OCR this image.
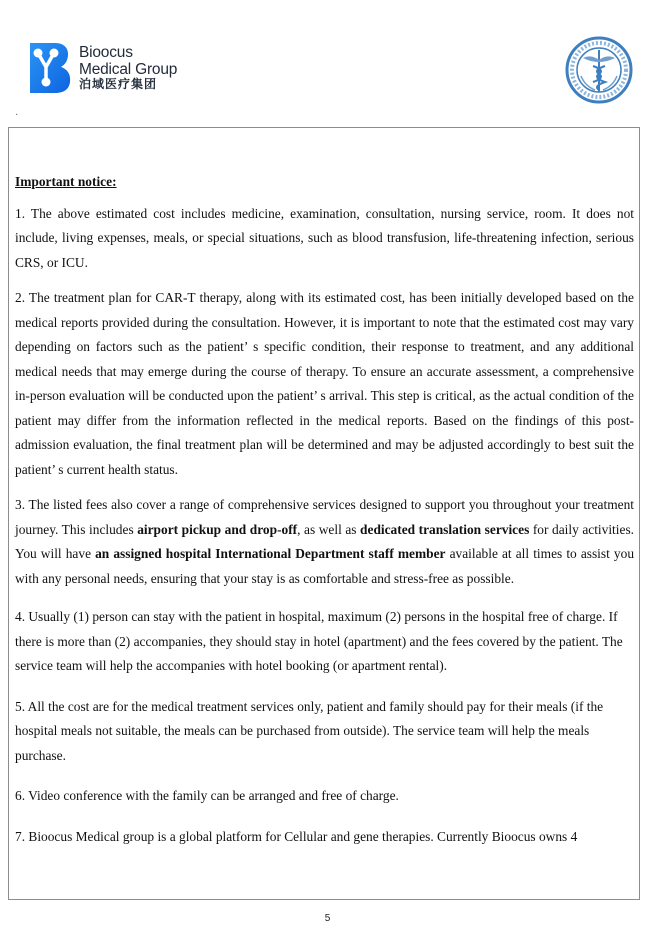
Bioocus
Medical Group
泊域医疗集团
·

Important notice:

1. The above estimated cost includes medicine, examination, consultation, nursing service, room. It does not include, living expenses, meals, or special situations, such as blood transfusion, life-threatening infection, serious CRS, or ICU.

2. The treatment plan for CAR-T therapy, along with its estimated cost, has been initially developed based on the medical reports provided during the consultation. However, it is important to note that the estimated cost may vary depending on factors such as the patient’ s specific condition, their response to treatment, and any additional medical needs that may emerge during the course of therapy. To ensure an accurate assessment, a comprehensive in-person evaluation will be conducted upon the patient’ s arrival. This step is critical, as the actual condition of the patient may differ from the information reflected in the medical reports. Based on the findings of this post-admission evaluation, the final treatment plan will be determined and may be adjusted accordingly to best suit the patient’ s current health status.

3. The listed fees also cover a range of comprehensive services designed to support you throughout your treatment journey. This includes airport pickup and drop-off, as well as dedicated translation services for daily activities. You will have an assigned hospital International Department staff member available at all times to assist you with any personal needs, ensuring that your stay is as comfortable and stress-free as possible.

4. Usually (1) person can stay with the patient in hospital, maximum (2) persons in the hospital free of charge. If there is more than (2) accompanies, they should stay in hotel (apartment) and the fees covered by the patient. The service team will help the accompanies with hotel booking (or apartment rental).

5. All the cost are for the medical treatment services only, patient and family should pay for their meals (if the hospital meals not suitable, the meals can be purchased from outside). The service team will help the meals purchase.

6. Video conference with the family can be arranged and free of charge.

7. Bioocus Medical group is a global platform for Cellular and gene therapies. Currently Bioocus owns 4

5
